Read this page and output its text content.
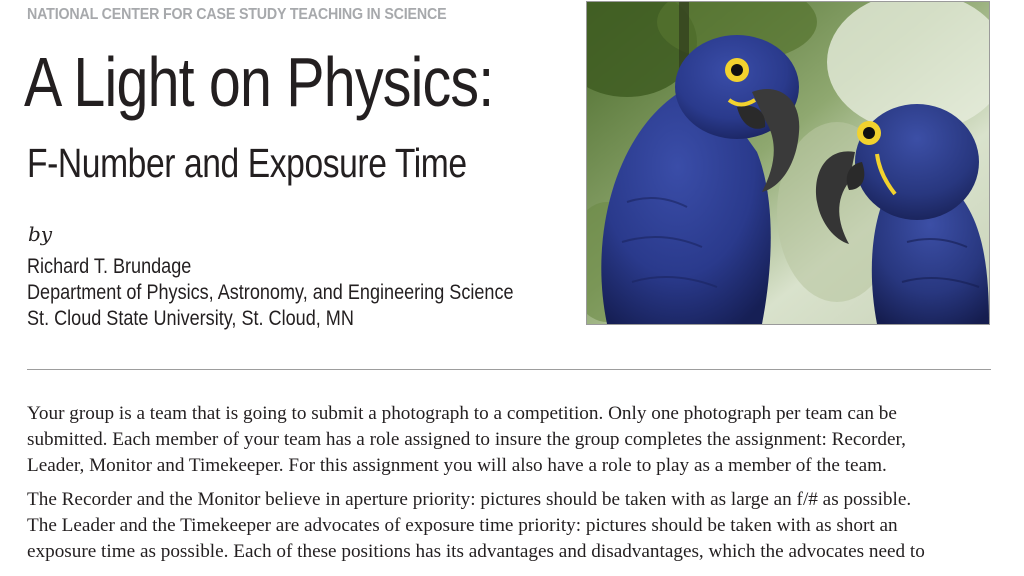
NATIONAL CENTER FOR CASE STUDY TEACHING IN SCIENCE
A Light on Physics:
F-Number and Exposure Time
by
Richard T. Brundage
Department of Physics, Astronomy, and Engineering Science
St. Cloud State University, St. Cloud, MN

Your group is a team that is going to submit a photograph to a competition. Only one photograph per team can be
submitted. Each member of your team has a role assigned to insure the group completes the assignment: Recorder,
Leader, Monitor and Timekeeper. For this assignment you will also have a role to play as a member of the team.

The Recorder and the Monitor believe in aperture priority: pictures should be taken with as large an f/# as possible.
The Leader and the Timekeeper are advocates of exposure time priority: pictures should be taken with as short an
exposure time as possible. Each of these positions has its advantages and disadvantages, which the advocates need to
